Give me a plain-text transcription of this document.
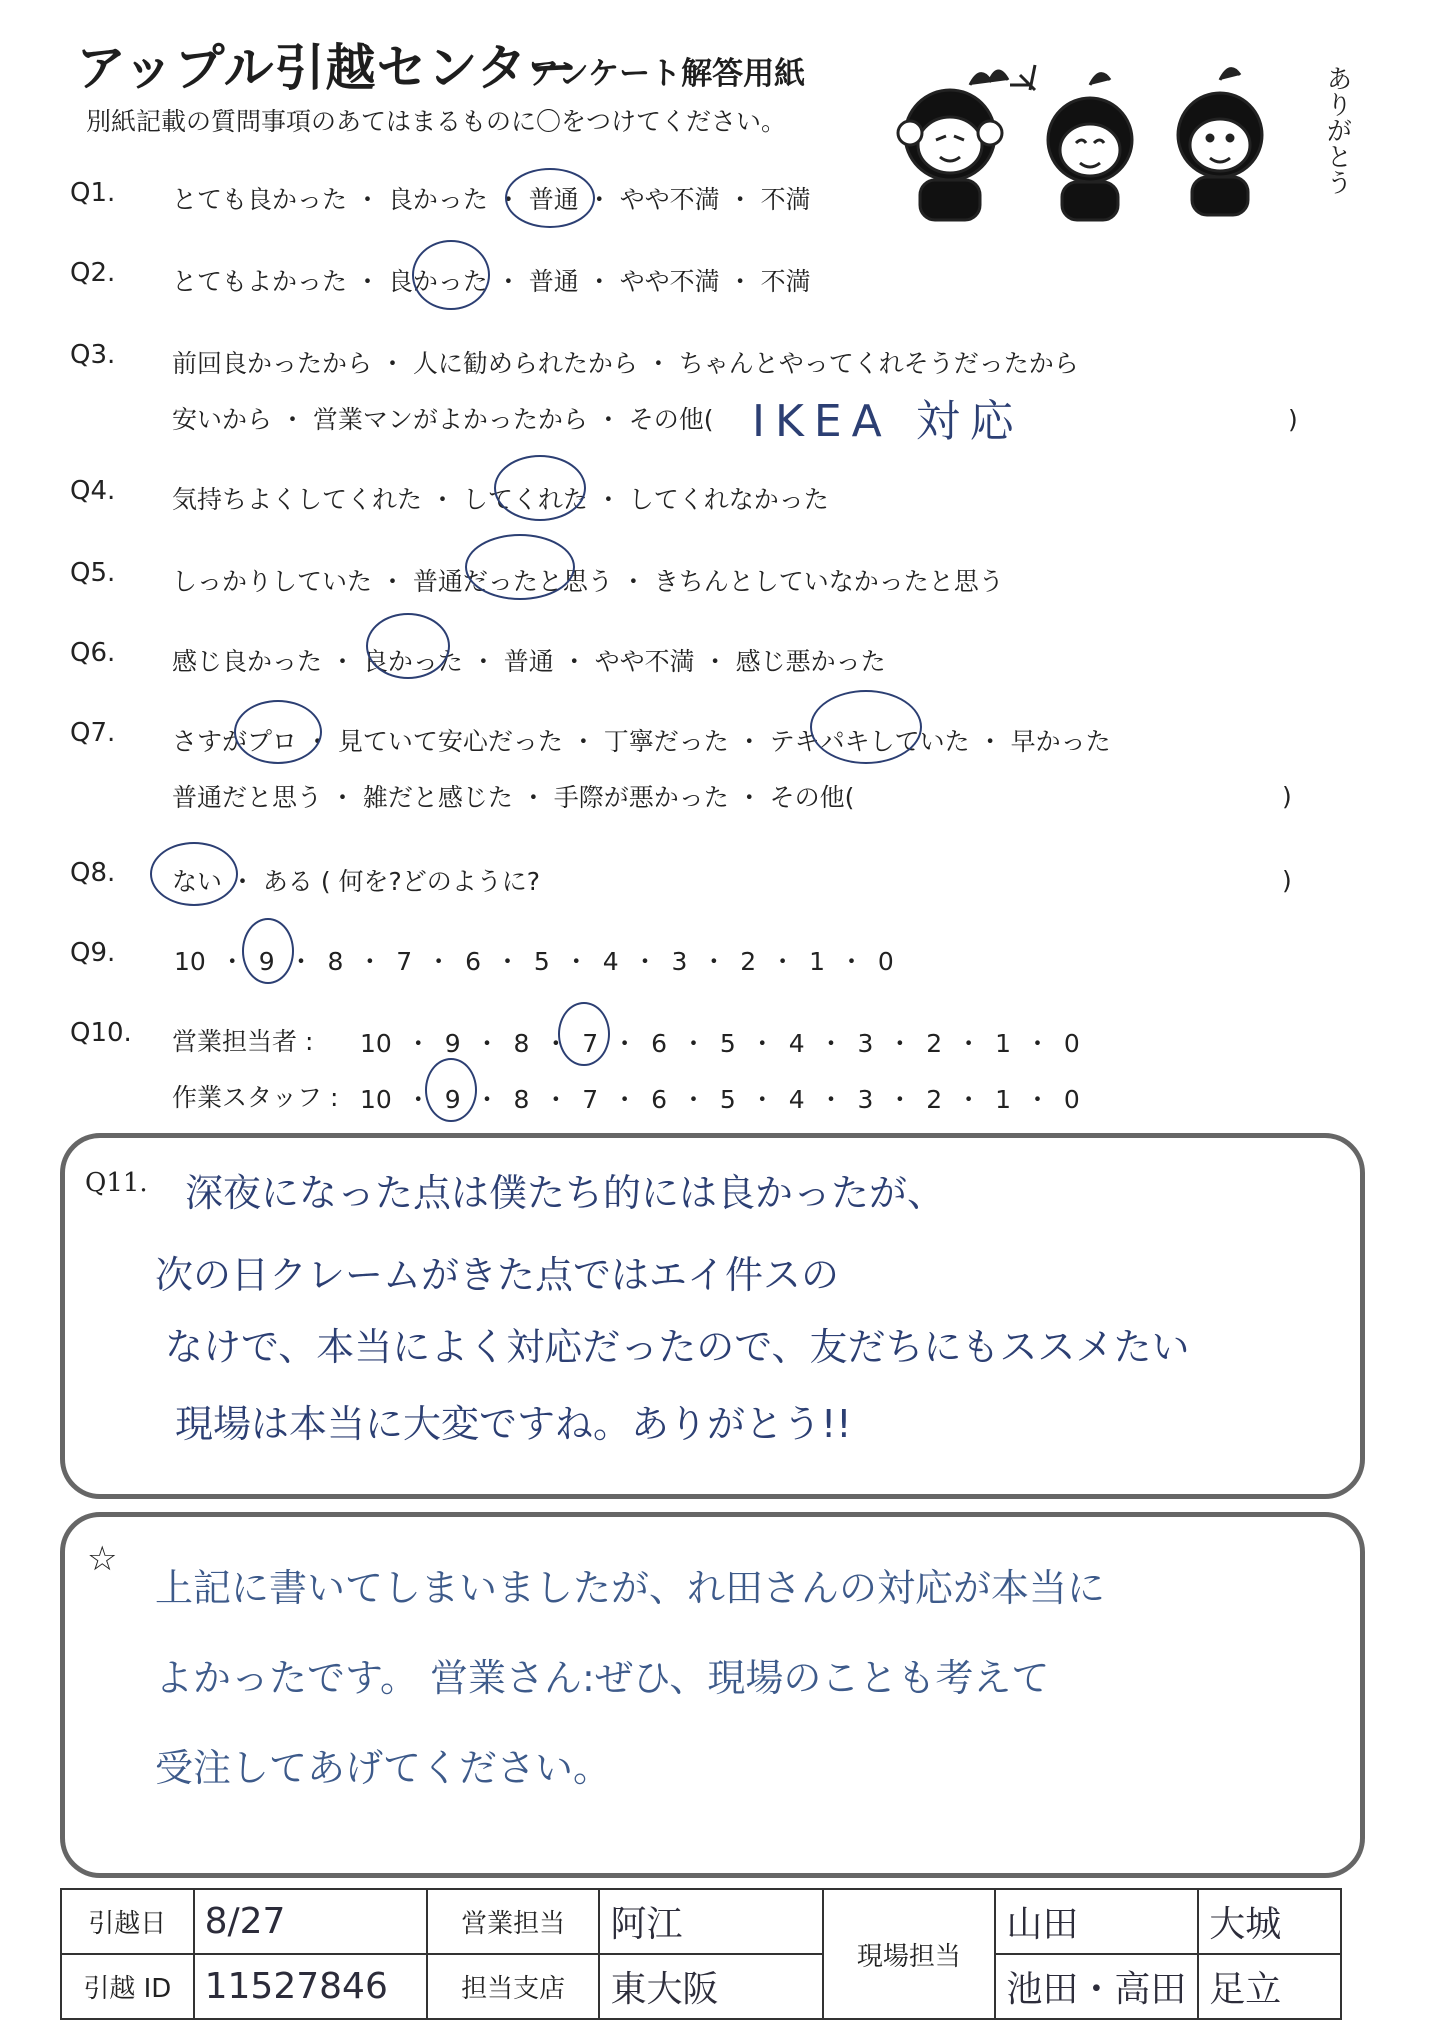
アップル引越センター
アンケート解答用紙
別紙記載の質問事項のあてはまるものに〇をつけてください。	ありがとう
Q1. とても良かった ・ 良かった ・ 普通 ・ やや不満 ・ 不満
Q2. とてもよかった ・ 良かった ・ 普通 ・ やや不満 ・ 不満
Q3. 前回良かったから ・ 人に勧められたから ・ ちゃんとやってくれそうだったから
安いから ・ 営業マンがよかったから ・ その他( IKEA 対応	)
Q4. 気持ちよくしてくれた ・ してくれた ・ してくれなかった
Q5. しっかりしていた ・ 普通だったと思う ・ きちんとしていなかったと思う
Q6. 感じ良かった ・ 良かった ・ 普通 ・ やや不満 ・ 感じ悪かった
Q7. さすがプロ ・ 見ていて安心だった ・ 丁寧だった ・ テキパキしていた ・ 早かった
普通だと思う ・ 雑だと感じた ・ 手際が悪かった ・ その他(	)
Q8. ない ・ ある ( 何を?どのように?	)
Q9. 10 ・ 9 ・ 8 ・ 7 ・ 6 ・ 5 ・ 4 ・ 3 ・ 2 ・ 1 ・ 0
Q10. 営業担当者 : 10 ・ 9 ・ 8 ・ 7 ・ 6 ・ 5 ・ 4 ・ 3 ・ 2 ・ 1 ・ 0
作業スタッフ : 10 ・ 9 ・ 8 ・ 7 ・ 6 ・ 5 ・ 4 ・ 3 ・ 2 ・ 1 ・ 0
Q11. 深夜になった点は僕たち的には良かったが、
次の日クレームがきた点ではエイ件スの
なけで、本当によく対応だったので、友だちにもススメたい
現場は本当に大変ですね。ありがとう!!
☆
上記に書いてしまいましたが、れ田さんの対応が本当に
よかったです。 営業さん:ぜひ、現場のことも考えて
受注してあげてください。
引越日	8/27	営業担当	阿江	現場担当	山田	大城
引越 ID	11527846	担当支店	東大阪		池田・高田	足立
